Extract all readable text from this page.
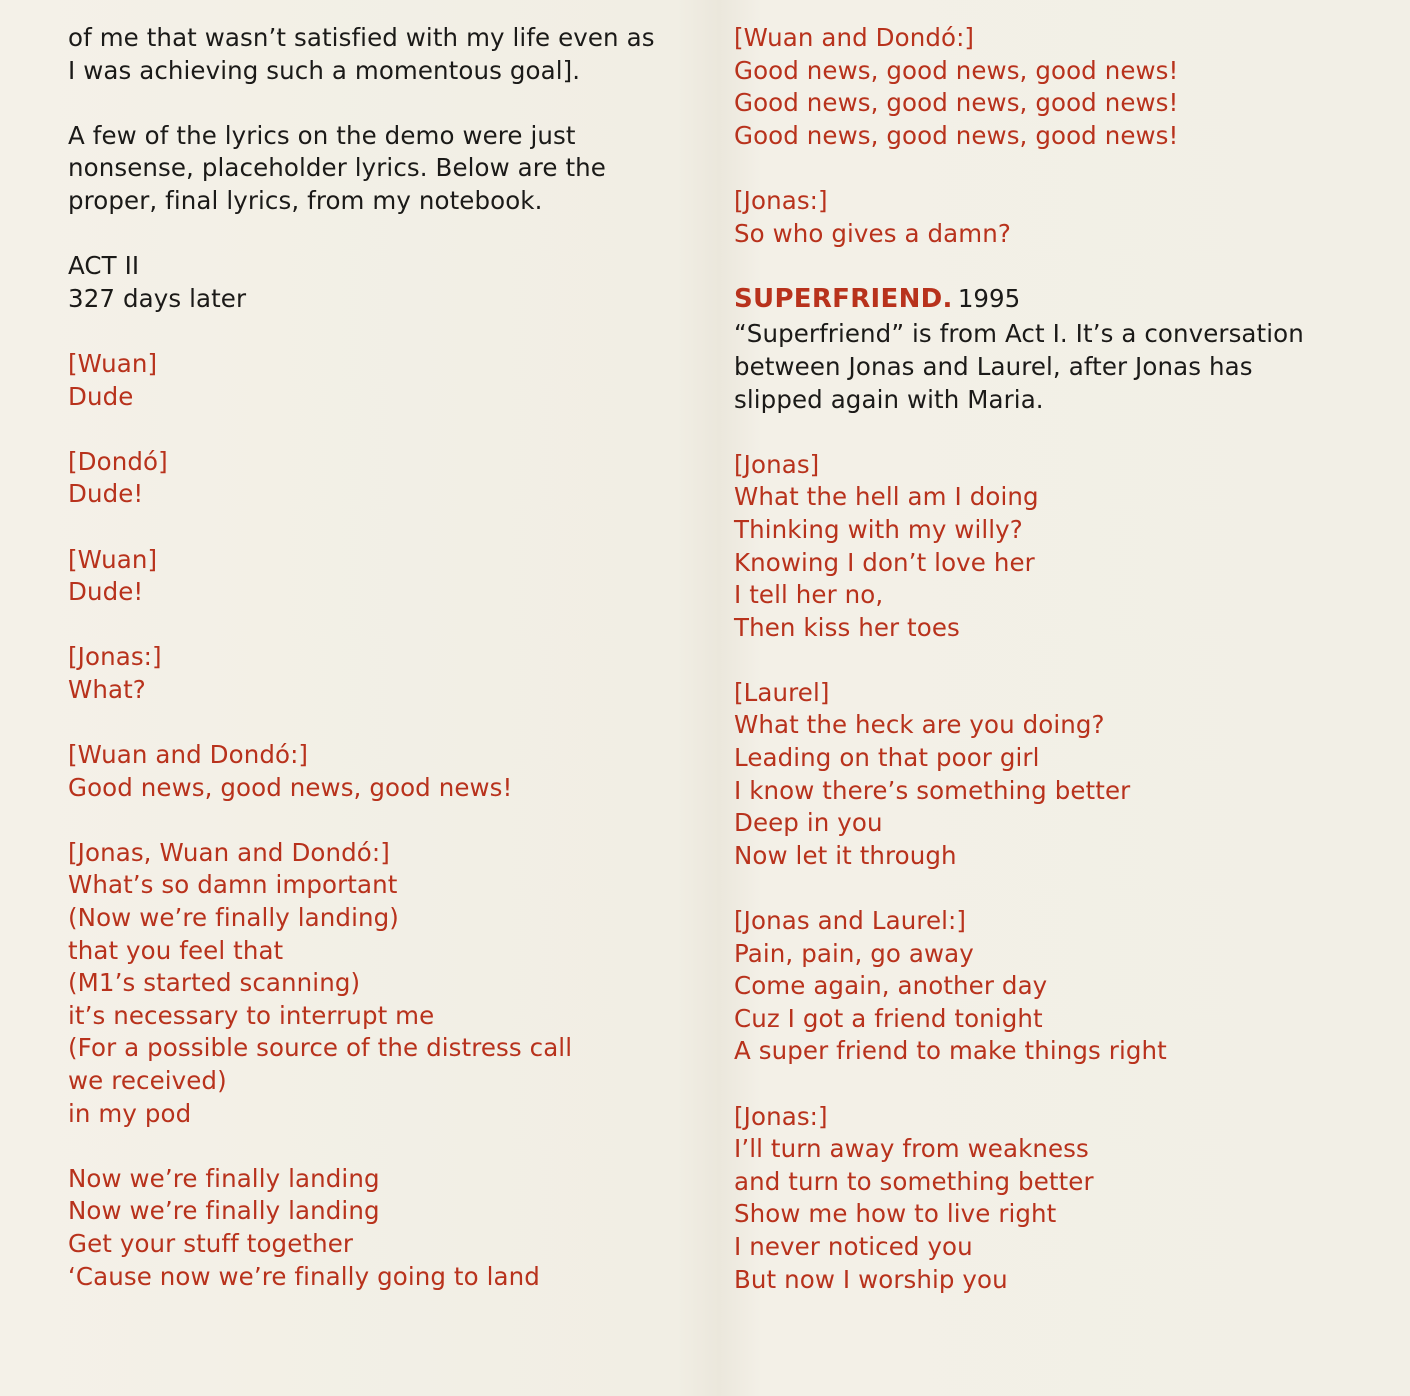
of me that wasn’t satisfied with my life even as
I was achieving such a momentous goal].
A few of the lyrics on the demo were just
nonsense, placeholder lyrics. Below are the
proper, final lyrics, from my notebook.
ACT II
327 days later
[Wuan]
Dude
[Dondó]
Dude!
[Wuan]
Dude!
[Jonas:]
What?
[Wuan and Dondó:]
Good news, good news, good news!
[Jonas, Wuan and Dondó:]
What’s so damn important
(Now we’re finally landing)
that you feel that
(M1’s started scanning)
it’s necessary to interrupt me
(For a possible source of the distress call
we received)
in my pod
Now we’re finally landing
Now we’re finally landing
Get your stuff together
‘Cause now we’re finally going to land
[Wuan and Dondó:]
Good news, good news, good news!
Good news, good news, good news!
Good news, good news, good news!
[Jonas:]
So who gives a damn?
SUPERFRIEND. 1995
“Superfriend” is from Act I. It’s a conversation
between Jonas and Laurel, after Jonas has
slipped again with Maria.
[Jonas]
What the hell am I doing
Thinking with my willy?
Knowing I don’t love her
I tell her no,
Then kiss her toes
[Laurel]
What the heck are you doing?
Leading on that poor girl
I know there’s something better
Deep in you
Now let it through
[Jonas and Laurel:]
Pain, pain, go away
Come again, another day
Cuz I got a friend tonight
A super friend to make things right
[Jonas:]
I’ll turn away from weakness
and turn to something better
Show me how to live right
I never noticed you
But now I worship you
